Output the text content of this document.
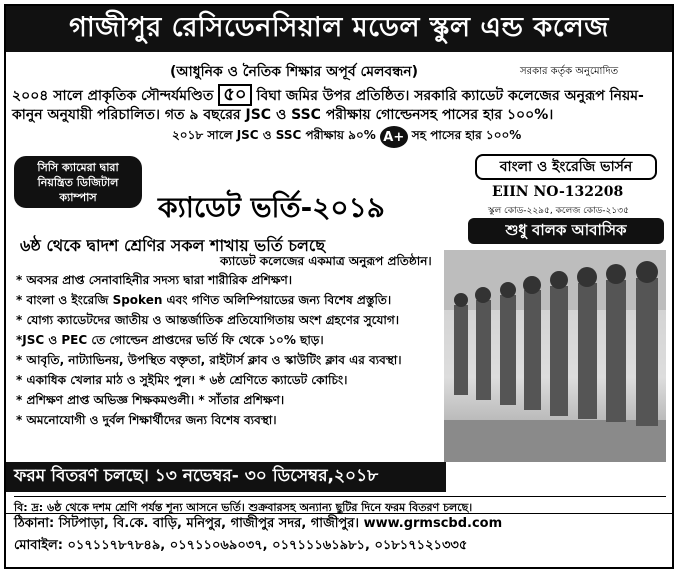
গাজীপুর রেসিডেনসিয়াল মডেল স্কুল এন্ড কলেজ
(আধুনিক ও নৈতিক শিক্ষার অপূর্ব মেলবন্ধন)	সরকার কর্তৃক অনুমোদিত
২০০৪ সালে প্রাকৃতিক সৌন্দর্যমণ্ডিত ৫০ বিঘা জমির উপর প্রতিষ্ঠিত। সরকারি ক্যাডেট কলেজের অনুরূপ নিয়ম-কানুন অনুযায়ী পরিচালিত। গত ৯ বছরের JSC ও SSC পরীক্ষায় গোল্ডেনসহ পাসের হার ১০০%।
২০১৮ সালে JSC ও SSC পরীক্ষায় ৯০% A+ সহ পাসের হার ১০০%
সিসি ক্যামেরা দ্বারা নিয়ন্ত্রিত ডিজিটাল ক্যাম্পাস	ক্যাডেট ভর্তি-২০১৯
বাংলা ও ইংরেজি ভার্সন
EIIN NO-132208
স্কুল কোড-২২৯৫, কলেজ কোড-২১৩৫
শুধু বালক আবাসিক
৬ষ্ঠ থেকে দ্বাদশ শ্রেণির সকল শাখায় ভর্তি চলছে
ক্যাডেট কলেজের একমাত্র অনুরূপ প্রতিষ্ঠান।
* অবসর প্রাপ্ত সেনাবাহিনীর সদস্য দ্বারা শারীরিক প্রশিক্ষণ।
* বাংলা ও ইংরেজি Spoken এবং গণিত অলিম্পিয়াডের জন্য বিশেষ প্রস্তুতি।
* যোগ্য ক্যাডেটদের জাতীয় ও আন্তর্জাতিক প্রতিযোগিতায় অংশ গ্রহণের সুযোগ।
*JSC ও PEC তে গোল্ডেন প্রাপ্তদের ভর্তি ফি থেকে ১০% ছাড়।
* আবৃতি, নাট্যাভিনয়, উপস্থিত বক্তৃতা, রাইটার্স ক্লাব ও স্কাউটিং ক্লাব এর ব্যবস্থা।
* একাধিক খেলার মাঠ ও সুইমিং পুল। * ৬ষ্ঠ শ্রেণিতে ক্যাডেট কোচিং।
* প্রশিক্ষণ প্রাপ্ত অভিজ্ঞ শিক্ষকমণ্ডলী। * সাঁতার প্রশিক্ষণ।
* অমনোযোগী ও দুর্বল শিক্ষার্থীদের জন্য বিশেষ ব্যবস্থা।
ফরম বিতরণ চলছে। ১৩ নভেম্বর- ৩০ ডিসেম্বর,২০১৮
বি: দ্র: ৬ষ্ঠ থেকে দশম শ্রেণি পর্যন্ত শূন্য আসনে ভর্তি। শুক্রবারসহ অন্যান্য ছুটির দিনে ফরম বিতরণ চলছে।
ঠিকানা: সিটপাড়া, বি.কে. বাড়ি, মনিপুর, গাজীপুর সদর, গাজীপুর। www.grmscbd.com
মোবাইল: ০১৭১১৭৮৭৮৪৯, ০১৭১১০৬৯০৩৭, ০১৭১১১৬১৯৮১, ০১৮১৭১২১৩৩৫
